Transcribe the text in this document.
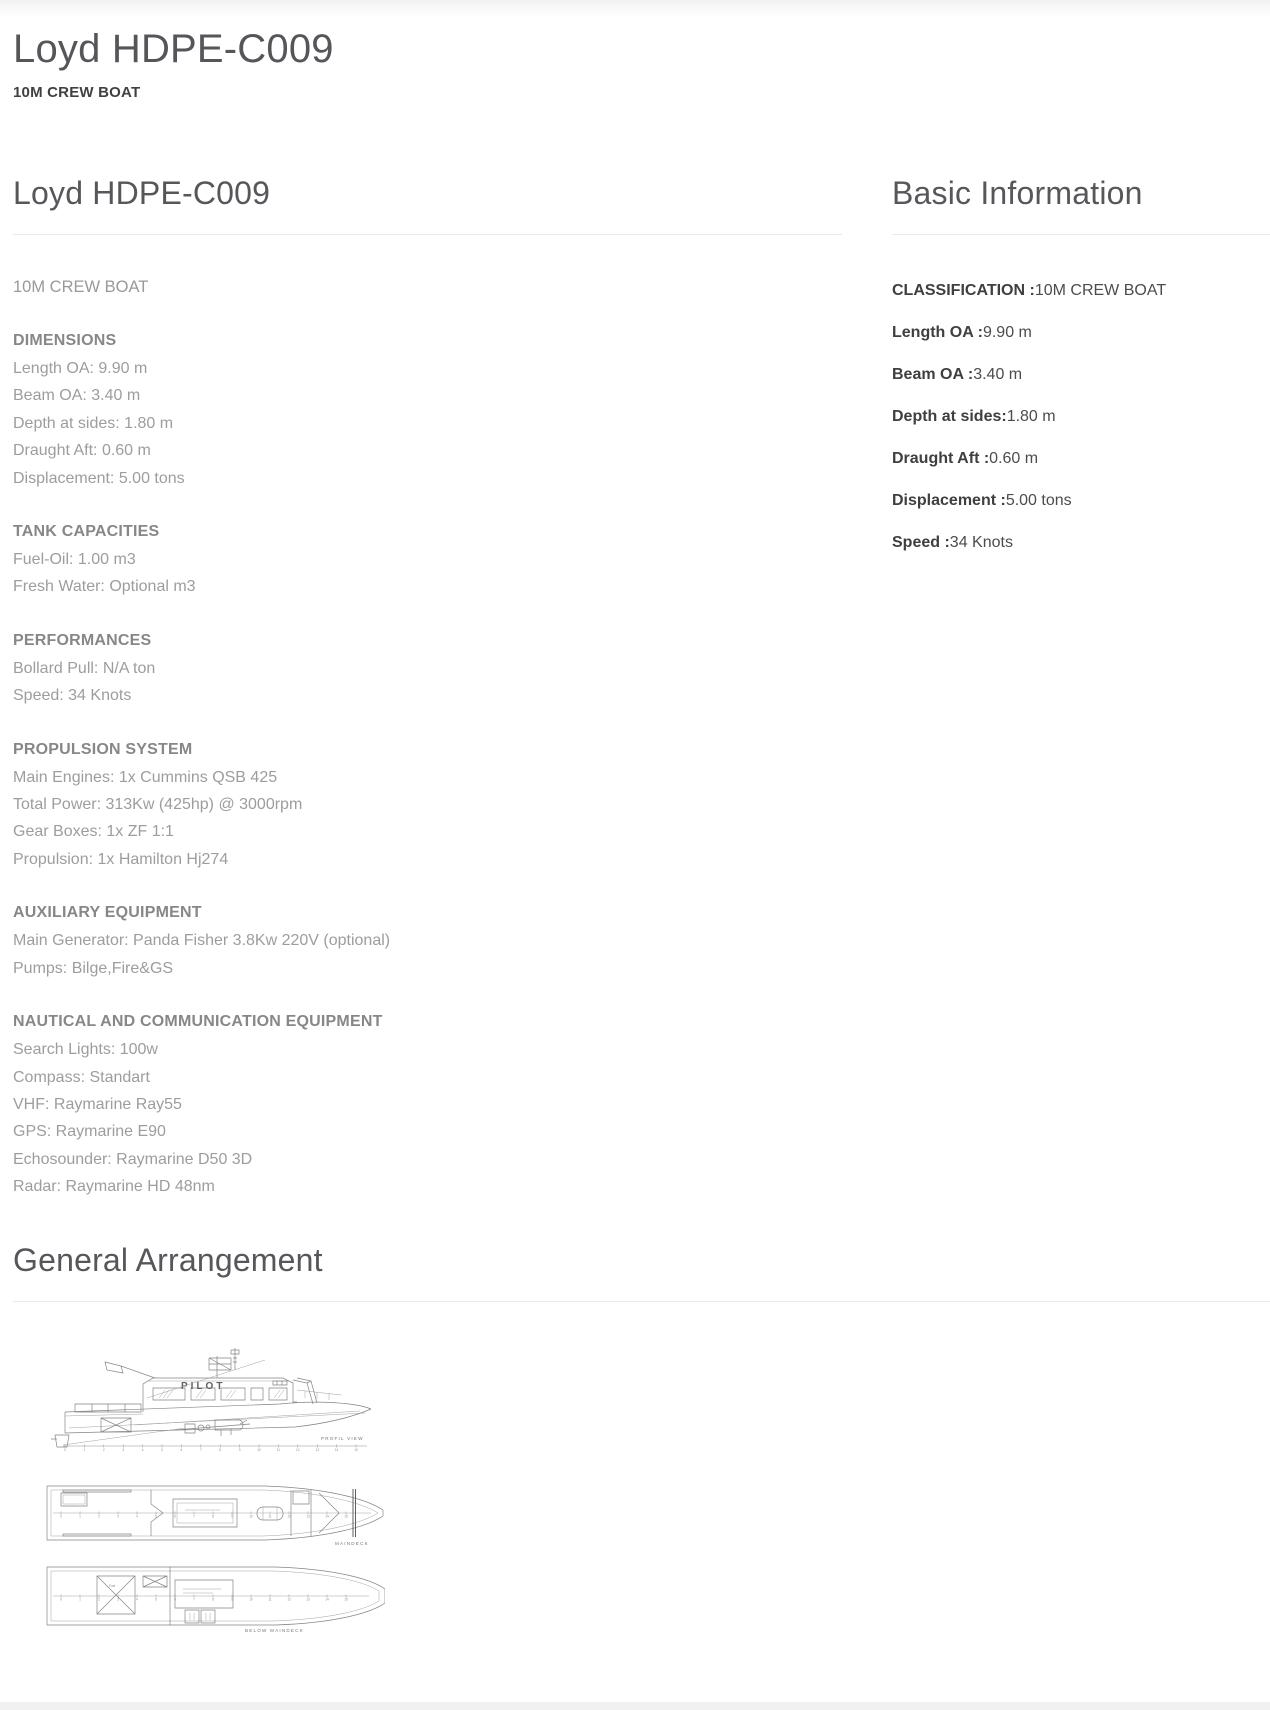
Loyd HDPE-C009
10M CREW BOAT
Loyd HDPE-C009
10M CREW BOAT
DIMENSIONS
Length OA: 9.90 m
Beam OA: 3.40 m
Depth at sides: 1.80 m
Draught Aft: 0.60 m
Displacement: 5.00 tons
TANK CAPACITIES
Fuel-Oil: 1.00 m3
Fresh Water: Optional m3
PERFORMANCES
Bollard Pull: N/A ton
Speed: 34 Knots
PROPULSION SYSTEM
Main Engines: 1x Cummins QSB 425
Total Power: 313Kw (425hp) @ 3000rpm
Gear Boxes: 1x ZF 1:1
Propulsion: 1x Hamilton Hj274
AUXILIARY EQUIPMENT
Main Generator: Panda Fisher 3.8Kw 220V (optional)
Pumps: Bilge,Fire&GS
NAUTICAL AND COMMUNICATION EQUIPMENT
Search Lights: 100w
Compass: Standart
VHF: Raymarine Ray55
GPS: Raymarine E90
Echosounder: Raymarine D50 3D
Radar: Raymarine HD 48nm
Basic Information
CLASSIFICATION :10M CREW BOAT
Length OA :9.90 m
Beam OA :3.40 m
Depth at sides:1.80 m
Draught Aft :0.60 m
Displacement :5.00 tons
Speed :34 Knots
General Arrangement
PILOT
0	1	2	3	4	5	6	7	8	9	10	11	12	13	14	15
PROFIL VIEW
0	1	2	3	4	5	6	7	8	9	10	11	12	13	14	15
MAINDECK
Fuel
0	1	2	3	4	5	6	7	8	9	10	11	12	13	14	15
BELOW MAINDECK
